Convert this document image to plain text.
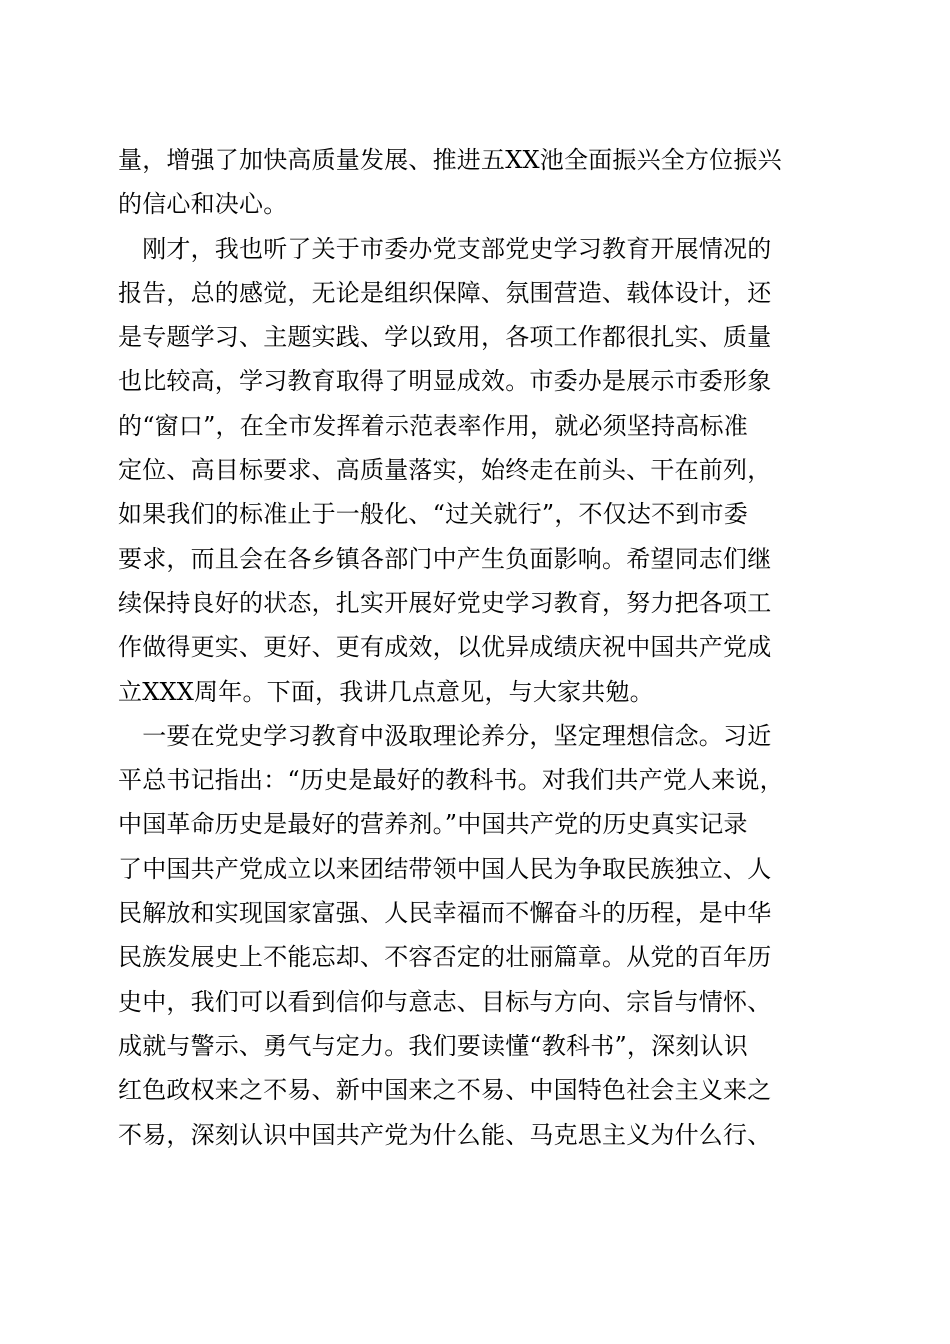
量，增强了加快高质量发展、推进五XX池全面振兴全方位振兴
的信心和决心。
　刚才，我也听了关于市委办党支部党史学习教育开展情况的
报告，总的感觉，无论是组织保障、氛围营造、载体设计，还
是专题学习、主题实践、学以致用，各项工作都很扎实、质量
也比较高，学习教育取得了明显成效。市委办是展示市委形象
的“窗口”，在全市发挥着示范表率作用，就必须坚持高标准
定位、高目标要求、高质量落实，始终走在前头、干在前列，
如果我们的标准止于一般化、“过关就行”，不仅达不到市委
要求，而且会在各乡镇各部门中产生负面影响。希望同志们继
续保持良好的状态，扎实开展好党史学习教育，努力把各项工
作做得更实、更好、更有成效，以优异成绩庆祝中国共产党成
立XXX周年。下面，我讲几点意见，与大家共勉。
　一要在党史学习教育中汲取理论养分，坚定理想信念。习近
平总书记指出：“历史是最好的教科书。对我们共产党人来说，
中国革命历史是最好的营养剂。”中国共产党的历史真实记录
了中国共产党成立以来团结带领中国人民为争取民族独立、人
民解放和实现国家富强、人民幸福而不懈奋斗的历程，是中华
民族发展史上不能忘却、不容否定的壮丽篇章。从党的百年历
史中，我们可以看到信仰与意志、目标与方向、宗旨与情怀、
成就与警示、勇气与定力。我们要读懂“教科书”，深刻认识
红色政权来之不易、新中国来之不易、中国特色社会主义来之
不易，深刻认识中国共产党为什么能、马克思主义为什么行、
